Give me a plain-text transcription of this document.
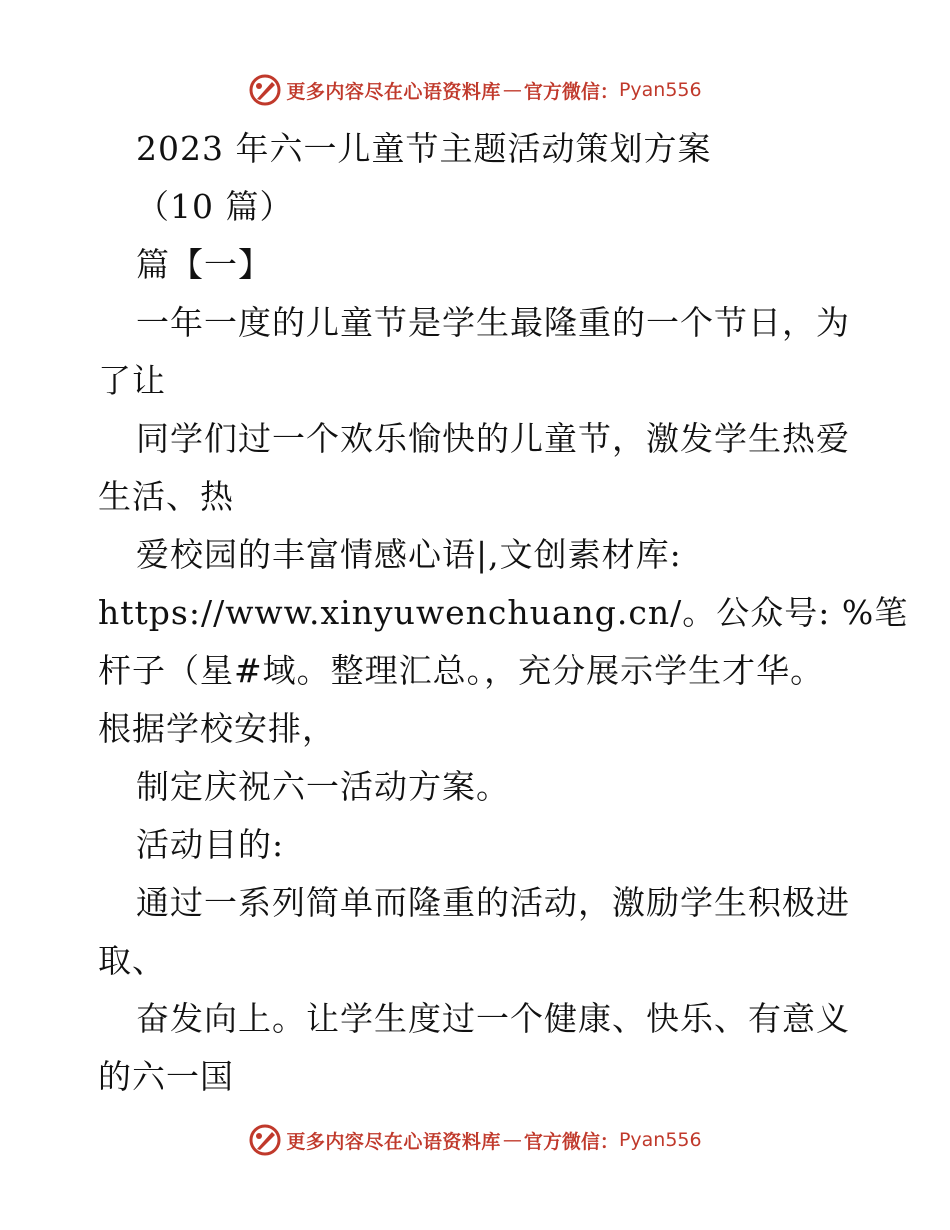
更多内容尽在心语资料库 — 官方微信： Pyan556
2023 年六一儿童节主题活动策划方案
（10 篇）
篇【一】
一年一度的儿童节是学生最隆重的一个节日，为
了让
同学们过一个欢乐愉快的儿童节，激发学生热爱
生活、热
爱校园的丰富情感心语|,文创素材库:
https://www.xinyuwenchuang.cn/。公众号: %笔
杆子（星#域。整理汇总。，充分展示学生才华。
根据学校安排，
制定庆祝六一活动方案。
活动目的:
通过一系列简单而隆重的活动，激励学生积极进
取、
奋发向上。让学生度过一个健康、快乐、有意义
的六一国
更多内容尽在心语资料库 — 官方微信： Pyan556
